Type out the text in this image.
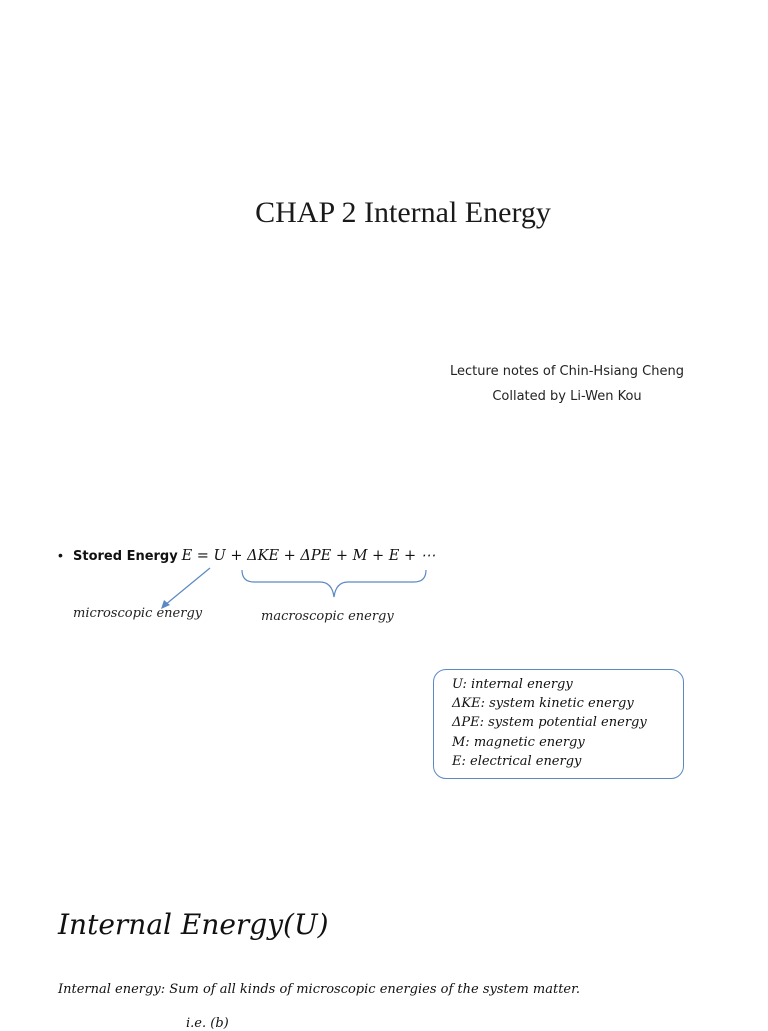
CHAP 2 Internal Energy
Lecture notes of Chin-Hsiang Cheng
Collated by Li-Wen Kou
• Stored Energy E = U + ΔKE + ΔPE + M + E + ⋯
microscopic energy	macroscopic energy
U: internal energy
ΔKE: system kinetic energy
ΔPE: system potential energy
M: magnetic energy
E: electrical energy
Internal Energy(U)
Internal energy: Sum of all kinds of microscopic energies of the system matter.
i.e. (b)
